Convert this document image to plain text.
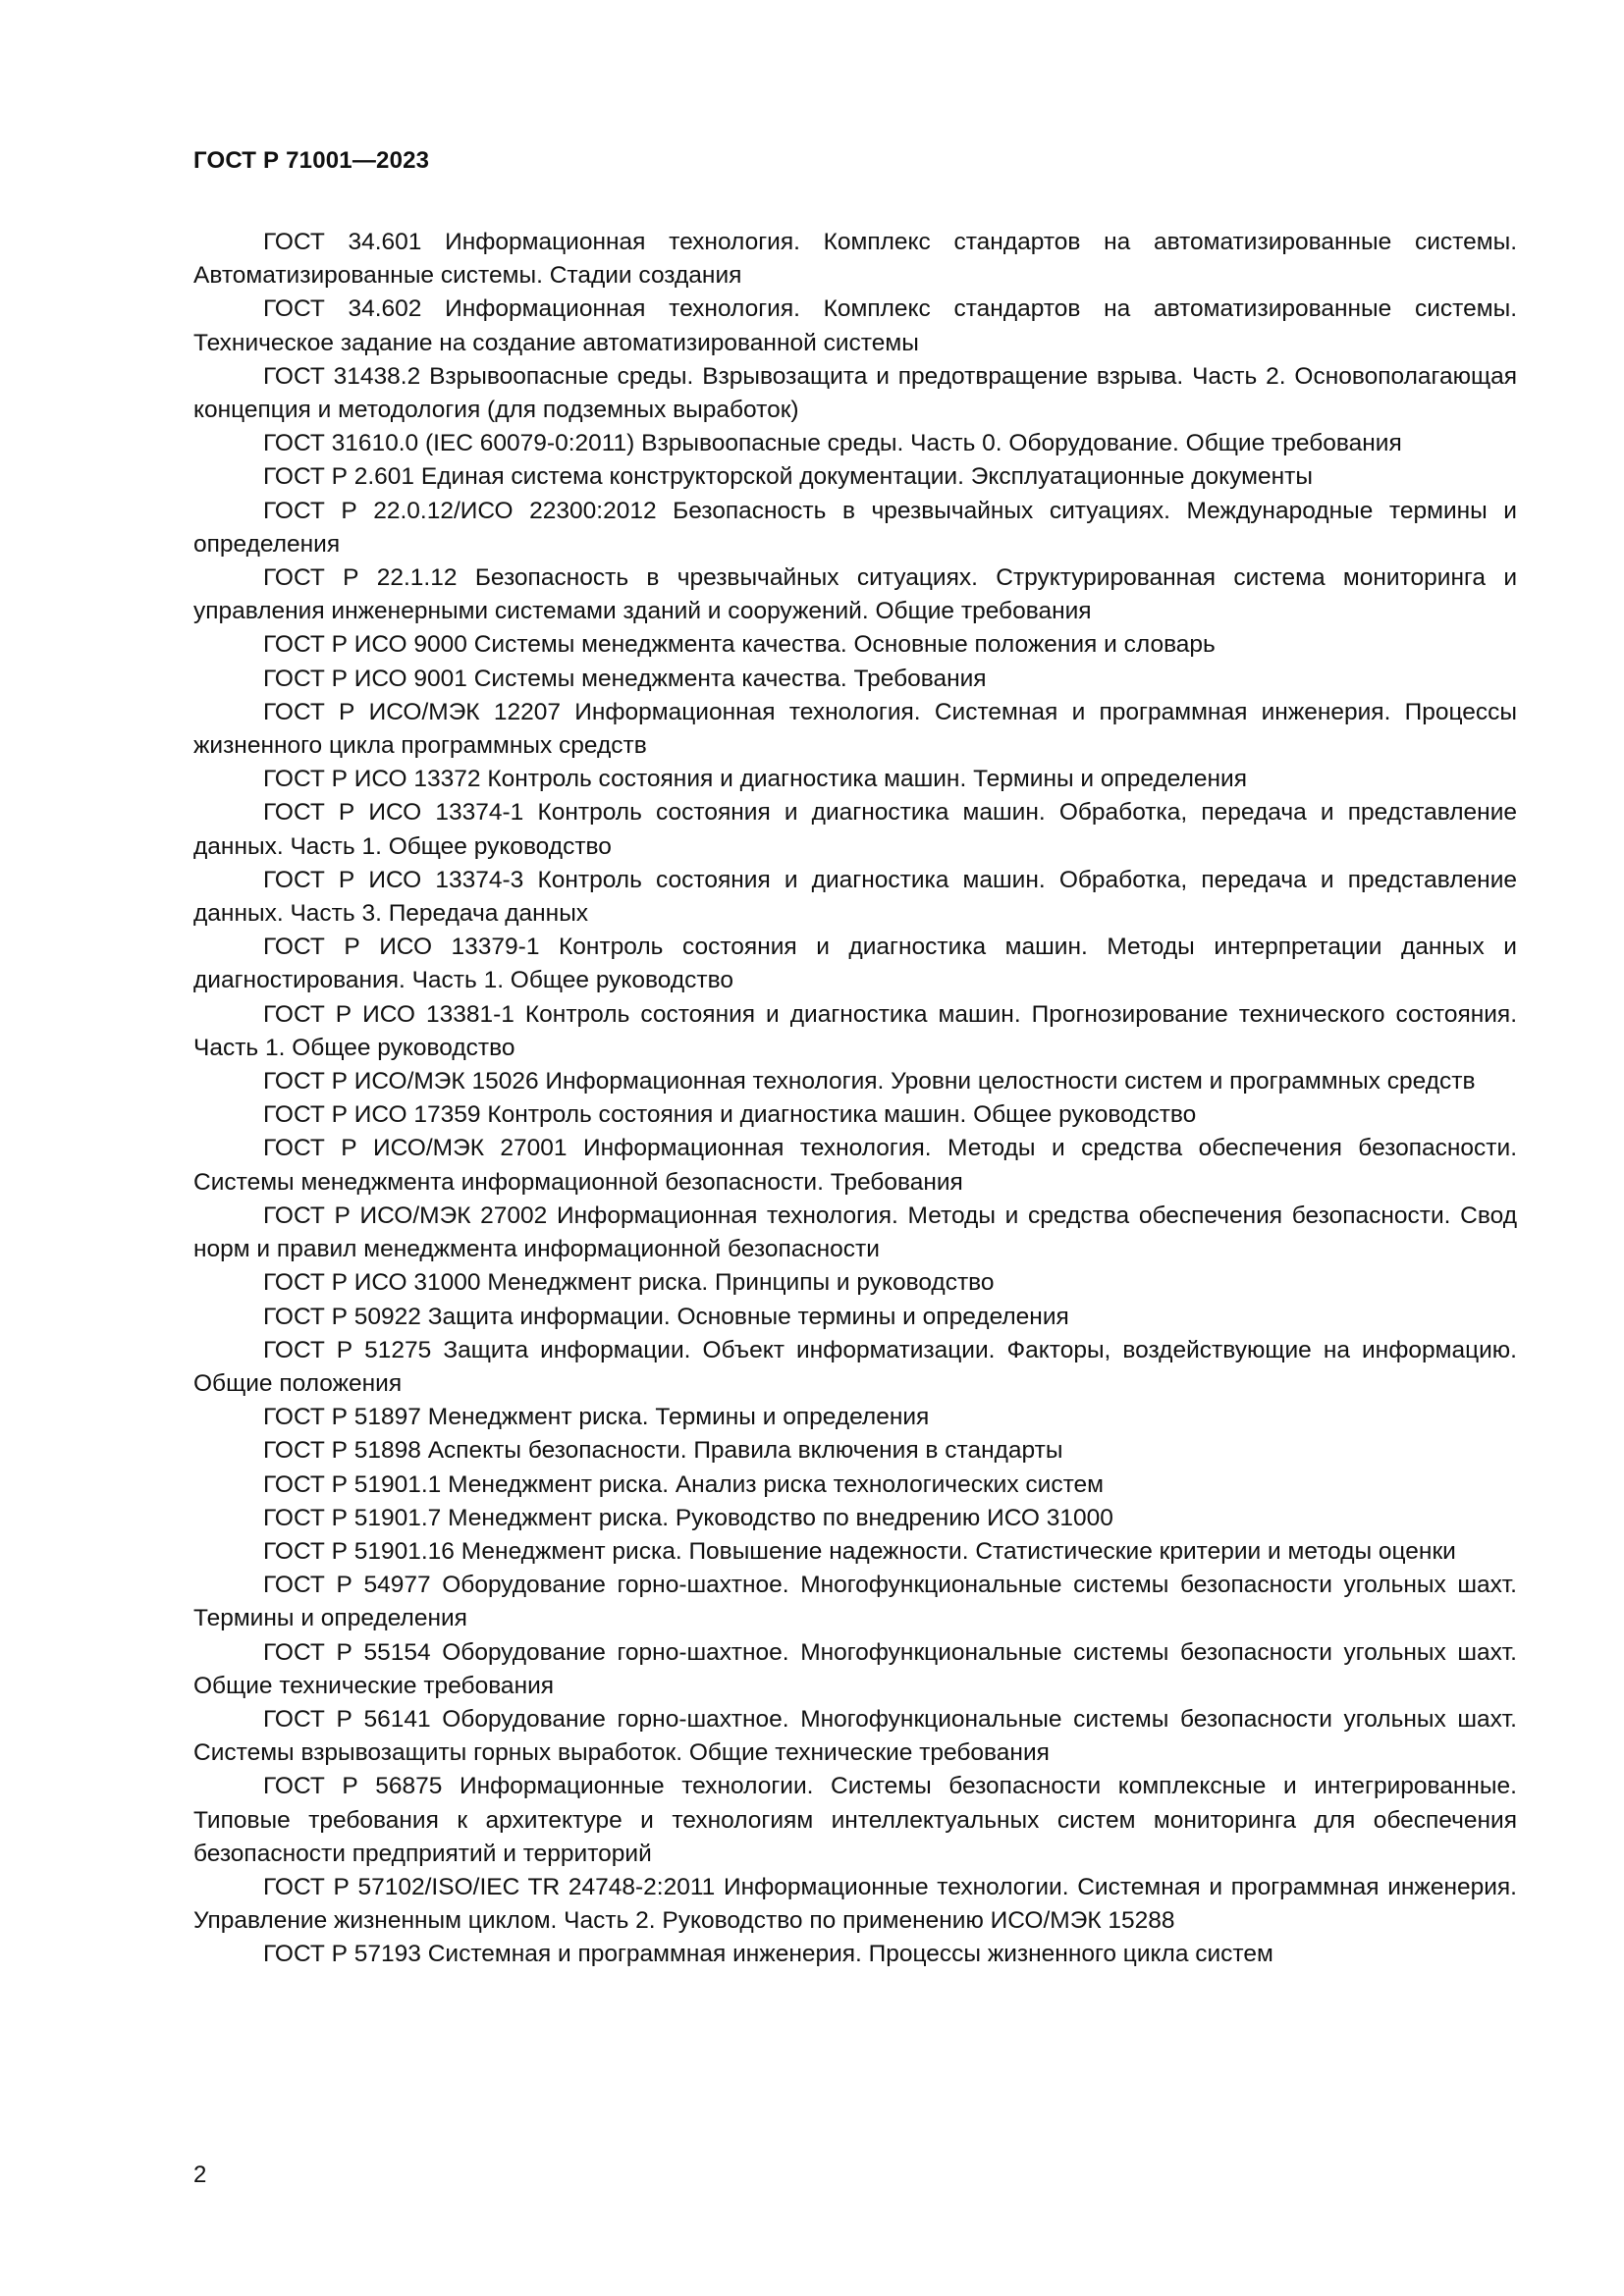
ГОСТ Р 71001—2023

ГОСТ 34.601 Информационная технология. Комплекс стандартов на автоматизированные системы. Автоматизированные системы. Стадии создания

ГОСТ 34.602 Информационная технология. Комплекс стандартов на автоматизированные системы. Техническое задание на создание автоматизированной системы

ГОСТ 31438.2 Взрывоопасные среды. Взрывозащита и предотвращение взрыва. Часть 2. Основополагающая концепция и методология (для подземных выработок)

ГОСТ 31610.0 (IEC 60079-0:2011) Взрывоопасные среды. Часть 0. Оборудование. Общие требования

ГОСТ Р 2.601 Единая система конструкторской документации. Эксплуатационные документы

ГОСТ Р 22.0.12/ИСО 22300:2012 Безопасность в чрезвычайных ситуациях. Международные термины и определения

ГОСТ Р 22.1.12 Безопасность в чрезвычайных ситуациях. Структурированная система мониторинга и управления инженерными системами зданий и сооружений. Общие требования

ГОСТ Р ИСО 9000 Системы менеджмента качества. Основные положения и словарь

ГОСТ Р ИСО 9001 Системы менеджмента качества. Требования

ГОСТ Р ИСО/МЭК 12207 Информационная технология. Системная и программная инженерия. Процессы жизненного цикла программных средств

ГОСТ Р ИСО 13372 Контроль состояния и диагностика машин. Термины и определения

ГОСТ Р ИСО 13374-1 Контроль состояния и диагностика машин. Обработка, передача и представление данных. Часть 1. Общее руководство

ГОСТ Р ИСО 13374-3 Контроль состояния и диагностика машин. Обработка, передача и представление данных. Часть 3. Передача данных

ГОСТ Р ИСО 13379-1 Контроль состояния и диагностика машин. Методы интерпретации данных и диагностирования. Часть 1. Общее руководство

ГОСТ Р ИСО 13381-1 Контроль состояния и диагностика машин. Прогнозирование технического состояния. Часть 1. Общее руководство

ГОСТ Р ИСО/МЭК 15026 Информационная технология. Уровни целостности систем и программных средств

ГОСТ Р ИСО 17359 Контроль состояния и диагностика машин. Общее руководство

ГОСТ Р ИСО/МЭК 27001 Информационная технология. Методы и средства обеспечения безопасности. Системы менеджмента информационной безопасности. Требования

ГОСТ Р ИСО/МЭК 27002 Информационная технология. Методы и средства обеспечения безопасности. Свод норм и правил менеджмента информационной безопасности

ГОСТ Р ИСО 31000 Менеджмент риска. Принципы и руководство

ГОСТ Р 50922 Защита информации. Основные термины и определения

ГОСТ Р 51275 Защита информации. Объект информатизации. Факторы, воздействующие на информацию. Общие положения

ГОСТ Р 51897 Менеджмент риска. Термины и определения

ГОСТ Р 51898 Аспекты безопасности. Правила включения в стандарты

ГОСТ Р 51901.1 Менеджмент риска. Анализ риска технологических систем

ГОСТ Р 51901.7 Менеджмент риска. Руководство по внедрению ИСО 31000

ГОСТ Р 51901.16 Менеджмент риска. Повышение надежности. Статистические критерии и методы оценки

ГОСТ Р 54977 Оборудование горно-шахтное. Многофункциональные системы безопасности угольных шахт. Термины и определения

ГОСТ Р 55154 Оборудование горно-шахтное. Многофункциональные системы безопасности угольных шахт. Общие технические требования

ГОСТ Р 56141 Оборудование горно-шахтное. Многофункциональные системы безопасности угольных шахт. Системы взрывозащиты горных выработок. Общие технические требования

ГОСТ Р 56875 Информационные технологии. Системы безопасности комплексные и интегрированные. Типовые требования к архитектуре и технологиям интеллектуальных систем мониторинга для обеспечения безопасности предприятий и территорий

ГОСТ Р 57102/ISO/IEC TR 24748-2:2011 Информационные технологии. Системная и программная инженерия. Управление жизненным циклом. Часть 2. Руководство по применению ИСО/МЭК 15288

ГОСТ Р 57193 Системная и программная инженерия. Процессы жизненного цикла систем

2
